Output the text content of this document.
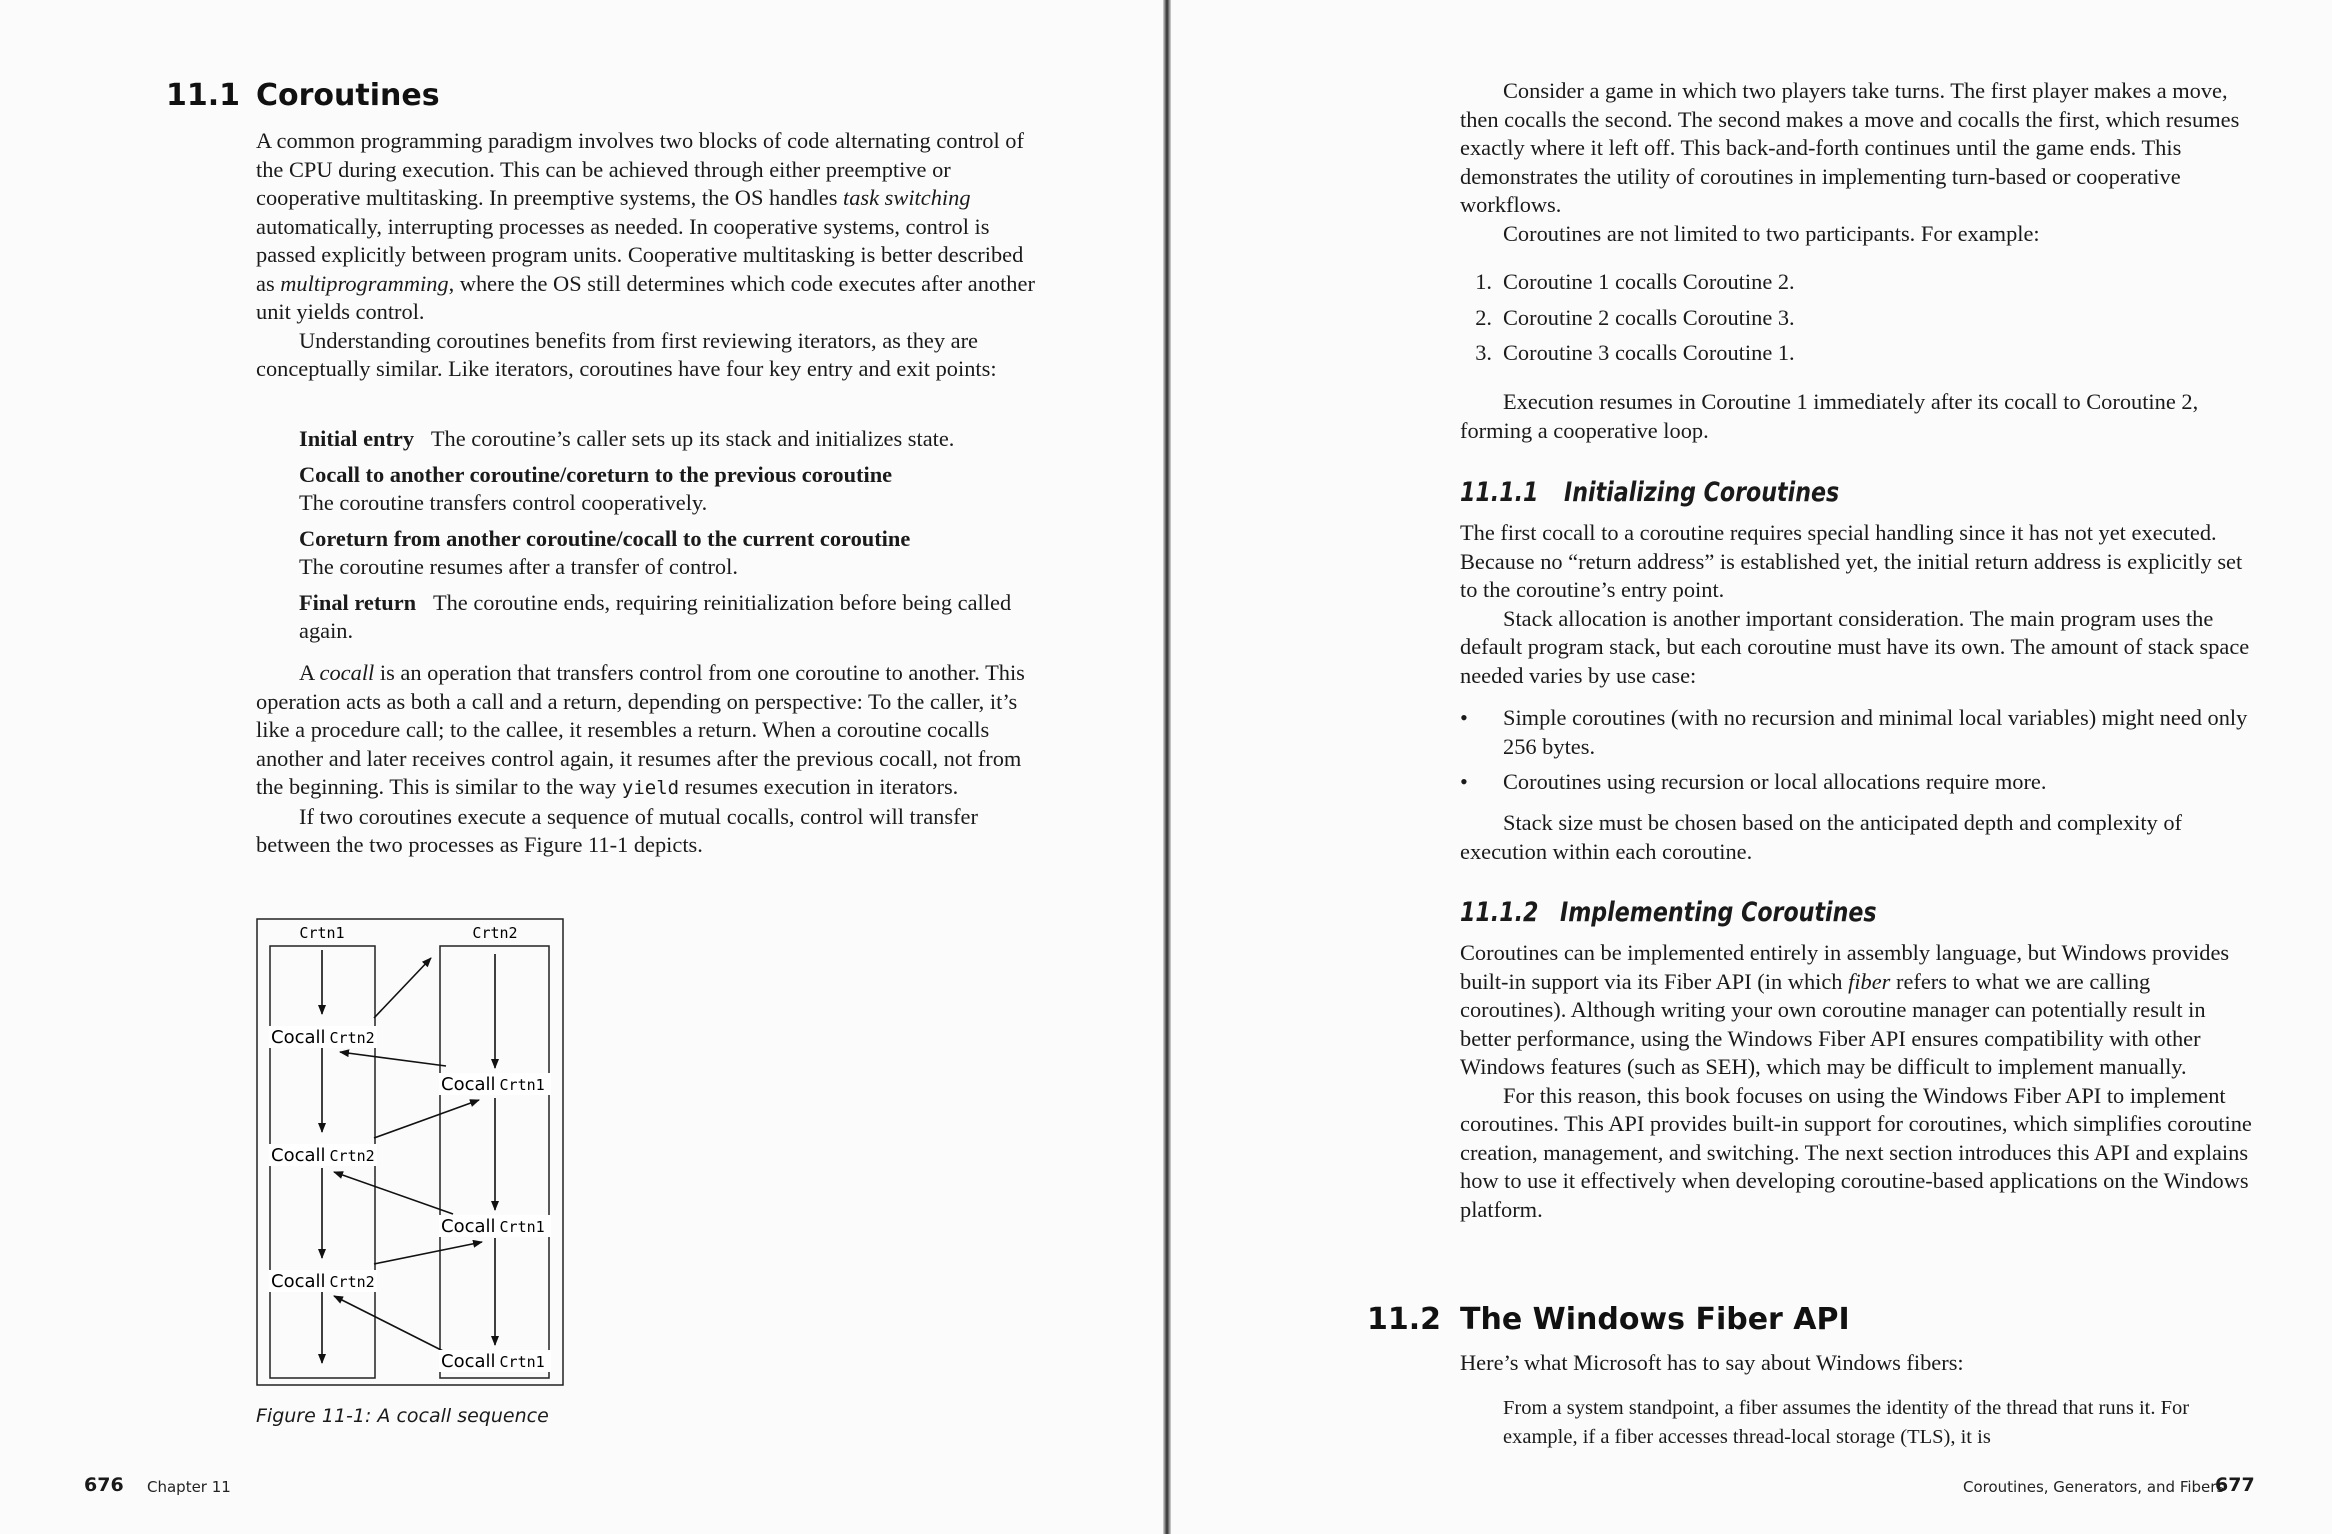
11.1 Coroutines

A common programming paradigm involves two blocks of code alternating control of the CPU during execution. This can be achieved through either preemptive or cooperative multitasking. In preemptive systems, the OS handles task switching automatically, interrupting processes as needed. In cooperative systems, control is passed explicitly between program units. Cooperative multitasking is better described as multiprogramming, where the OS still determines which code executes after another unit yields control.

Understanding coroutines benefits from first reviewing iterators, as they are conceptually similar. Like iterators, coroutines have four key entry and exit points:

Initial entry The coroutine’s caller sets up its stack and initializes state.
Cocall to another coroutine/coreturn to the previous coroutine
The coroutine transfers control cooperatively.
Coreturn from another coroutine/cocall to the current coroutine
The coroutine resumes after a transfer of control.
Final return The coroutine ends, requiring reinitialization before being called again.

A cocall is an operation that transfers control from one coroutine to another. This operation acts as both a call and a return, depending on perspective: To the caller, it’s like a procedure call; to the callee, it resembles a return. When a coroutine cocalls another and later receives control again, it resumes after the previous cocall, not from the beginning. This is similar to the way yield resumes execution in iterators.

If two coroutines execute a sequence of mutual cocalls, control will transfer between the two processes as Figure 11-1 depicts.

Crtn1	Crtn2
Cocall Crtn2
Cocall Crtn2
Cocall Crtn2
Cocall Crtn1
Cocall Crtn1
Cocall Crtn1
Figure 11-1: A cocall sequence
676 Chapter 11

Consider a game in which two players take turns. The first player makes a move, then cocalls the second. The second makes a move and cocalls the first, which resumes exactly where it left off. This back-and-forth continues until the game ends. This demonstrates the utility of coroutines in implementing turn-based or cooperative workflows.

Coroutines are not limited to two participants. For example:

1. Coroutine 1 cocalls Coroutine 2.
2. Coroutine 2 cocalls Coroutine 3.
3. Coroutine 3 cocalls Coroutine 1.

Execution resumes in Coroutine 1 immediately after its cocall to Coroutine 2, forming a cooperative loop.

11.1.1 Initializing Coroutines

The first cocall to a coroutine requires special handling since it has not yet executed. Because no “return address” is established yet, the initial return address is explicitly set to the coroutine’s entry point.

Stack allocation is another important consideration. The main program uses the default program stack, but each coroutine must have its own. The amount of stack space needed varies by use case:

• Simple coroutines (with no recursion and minimal local variables) might need only 256 bytes.
• Coroutines using recursion or local allocations require more.

Stack size must be chosen based on the anticipated depth and complexity of execution within each coroutine.

11.1.2 Implementing Coroutines

Coroutines can be implemented entirely in assembly language, but Windows provides built-in support via its Fiber API (in which fiber refers to what we are calling coroutines). Although writing your own coroutine manager can potentially result in better performance, using the Windows Fiber API ensures compatibility with other Windows features (such as SEH), which may be difficult to implement manually.

For this reason, this book focuses on using the Windows Fiber API to implement coroutines. This API provides built-in support for coroutines, which simplifies coroutine creation, management, and switching. The next section introduces this API and explains how to use it effectively when developing coroutine-based applications on the Windows platform.

11.2 The Windows Fiber API
Here’s what Microsoft has to say about Windows fibers:
From a system standpoint, a fiber assumes the identity of the thread that runs it. For example, if a fiber accesses thread-local storage (TLS), it is
Coroutines, Generators, and Fibers
677
